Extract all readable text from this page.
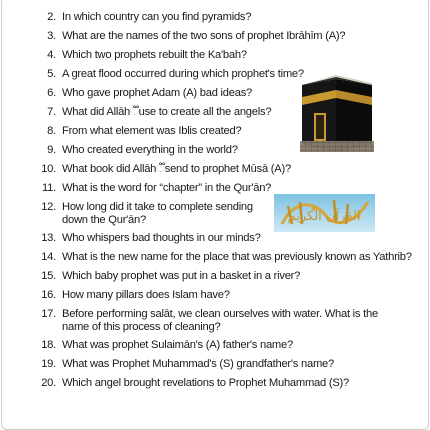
2. In which country can you find pyramids?
3. What are the names of the two sons of prophet Ibrāhīm (A)?
4. Which two prophets rebuilt the Ka'bah?
5. A great flood occurred during which prophet's time?
6. Who gave prophet Adam (A) bad ideas?
7. What did Allāh૿use to create all the angels?
8. From what element was Iblis created?
9. Who created everything in the world?
10. What book did Allāh૿send to prophet Mūsā (A)?
11. What is the word for “chapter” in the Qur'ān?
12. How long did it take to complete sending down the Qur'ān?
13. Who whispers bad thoughts in our minds?
14. What is the new name for the place that was previously known as Yathrib?
15. Which baby prophet was put in a basket in a river?
16. How many pillars does Islam have?
17. Before performing salāt, we clean ourselves with water. What is the name of this process of cleaning?
18. What was prophet Sulaimān's (A) father's name?
19. What was Prophet Muhammad's (S) grandfather's name?
20. Which angel brought revelations to Prophet Muhammad (S)?
القرآن الكريم
